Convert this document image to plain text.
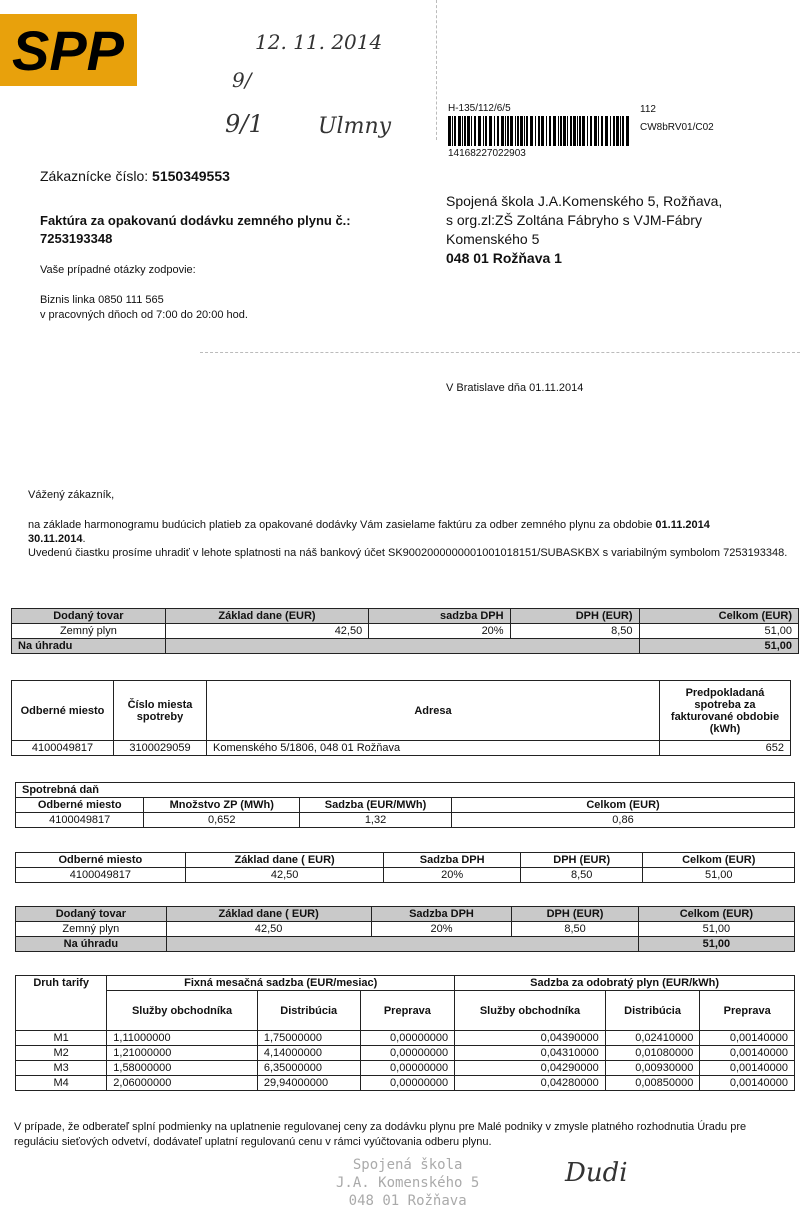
SPP	12. 11. 2014
9/
9/1 Ulmny
H-135/112/6/5
14168227022903
112
CW8bRV01/C02
Zákaznícke číslo: 5150349553
Faktúra za opakovanú dodávku zemného plynu č.:
7253193348
Vaše prípadné otázky zodpovie:
Biznis linka 0850 111 565
v pracovných dňoch od 7:00 do 20:00 hod.
Spojená škola J.A.Komenského 5, Rožňava,
s org.zl:ZŠ Zoltána Fábryho s VJM-Fábry
Komenského 5
048 01 Rožňava 1
V Bratislave dňa 01.11.2014
Vážený zákazník,
na základe harmonogramu budúcich platieb za opakované dodávky Vám zasielame faktúru za odber zemného plynu za obdobie 01.11.2014
30.11.2014.
Uvedenú čiastku prosíme uhradiť v lehote splatnosti na náš bankový účet SK9002000000001001018151/SUBASKBX s variabilným symbolom 7253193348.
Dodaný tovar	Základ dane (EUR)	sadzba DPH	DPH (EUR)	Celkom (EUR)
Zemný plyn	42,50	20%	8,50	51,00
Na úhradu				51,00
Odberné miesto	Číslo miesta spotreby	Adresa	Predpokladaná spotreba za fakturované obdobie (kWh)
4100049817	3100029059	Komenského 5/1806, 048 01 Rožňava	652
Spotrebná daň			
Odberné miesto	Množstvo ZP (MWh)	Sadzba (EUR/MWh)	Celkom (EUR)
4100049817	0,652	1,32	0,86
Odberné miesto	Základ dane ( EUR)	Sadzba DPH	DPH (EUR)	Celkom (EUR)
4100049817	42,50	20%	8,50	51,00
Dodaný tovar	Základ dane ( EUR)	Sadzba DPH	DPH (EUR)	Celkom (EUR)
Zemný plyn	42,50	20%	8,50	51,00
Na úhradu				51,00
Druh tarify	Fixná mesačná sadzba (EUR/mesiac)			Sadzba za odobratý plyn (EUR/kWh)		
	Služby obchodníka	Distribúcia	Preprava	Služby obchodníka	Distribúcia	Preprava
M1	1,11000000	1,75000000	0,00000000	0,04390000	0,02410000	0,00140000
M2	1,21000000	4,14000000	0,00000000	0,04310000	0,01080000	0,00140000
M3	1,58000000	6,35000000	0,00000000	0,04290000	0,00930000	0,00140000
M4	2,06000000	29,94000000	0,00000000	0,04280000	0,00850000	0,00140000
V prípade, že odberateľ splní podmienky na uplatnenie regulovanej ceny za dodávku plynu pre Malé podniky v zmysle platného rozhodnutia Úradu pre reguláciu sieťových odvetví, dodávateľ uplatní regulovanú cenu v rámci vyúčtovania odberu plynu.
Spojená škola
J.A. Komenského 5
048 01 Rožňava
Dudi
